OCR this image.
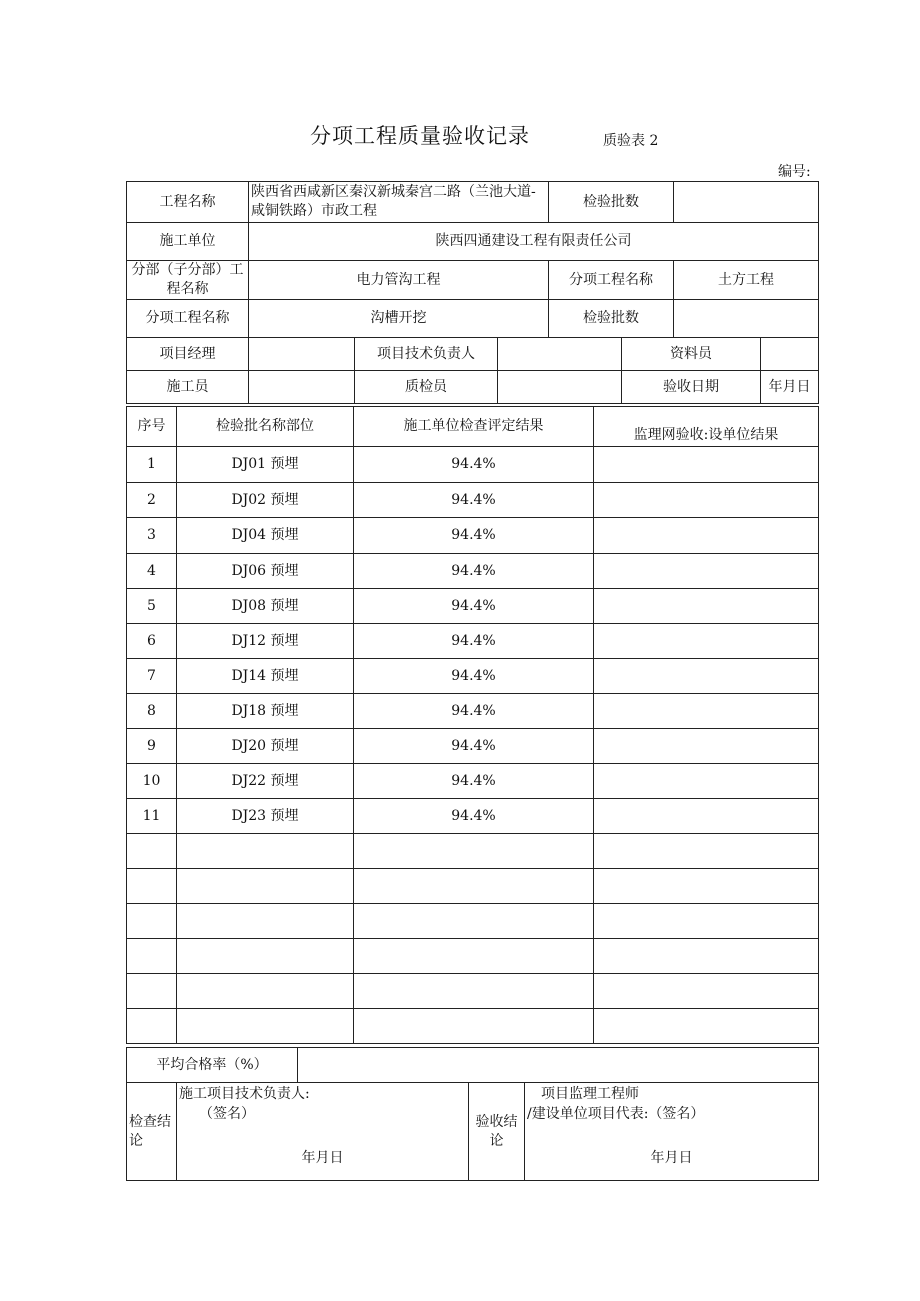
分项工程质量验收记录	质验表 2
编号:
工程名称	陕西省西咸新区秦汉新城秦宫二路（兰池大道-咸铜铁路）市政工程			检验批数			
施工单位	陕西四通建设工程有限责任公司						
分部（子分部）工程名称	电力管沟工程			分项工程名称		土方工程	
分项工程名称	沟槽开挖			检验批数			
项目经理		项目技术负责人			资料员		
施工员		质检员			验收日期		年月日
序号	检验批名称部位	施工单位检查评定结果	监理网验收:设单位结果
1	DJ01 预埋	94.4%	
2	DJ02 预埋	94.4%	
3	DJ04 预埋	94.4%	
4	DJ06 预埋	94.4%	
5	DJ08 预埋	94.4%	
6	DJ12 预埋	94.4%	
7	DJ14 预埋	94.4%	
8	DJ18 预埋	94.4%	
9	DJ20 预埋	94.4%	
10	DJ22 预埋	94.4%	
11	DJ23 预埋	94.4%	

平均合格率（%）	
检查结论	
施工项目技术负责人:
（签名）
年月日
	验收结论	
项目监理工程师
/建设单位项目代表:（签名）
年月日
